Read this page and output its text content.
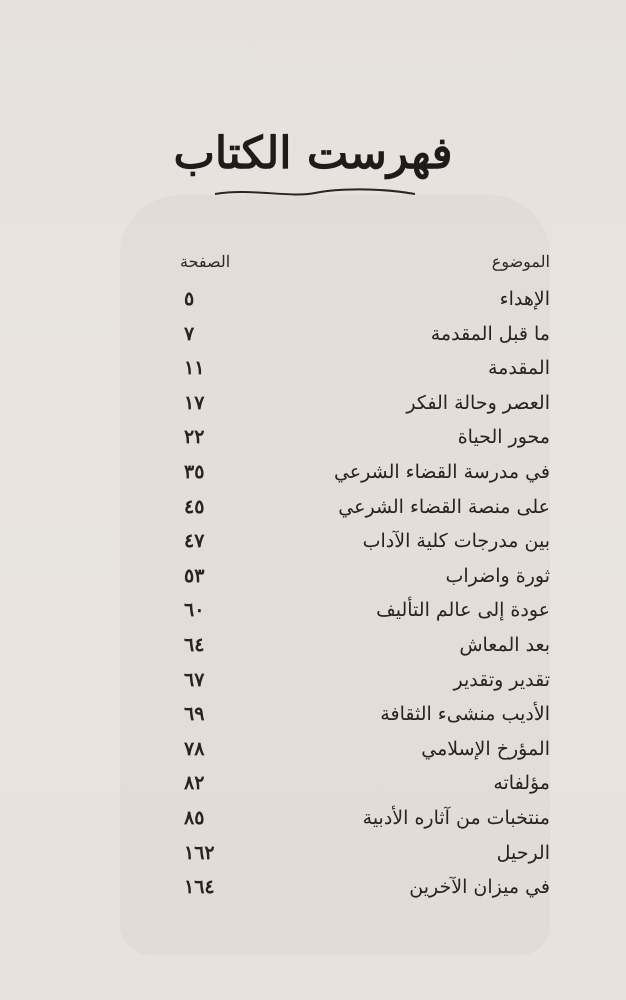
فهرست الكتاب
الموضوع
الصفحة
الإهداء
٥
ما قبل المقدمة
٧
المقدمة
١١
العصر وحالة الفكر
١٧
محور الحياة
٢٢
في مدرسة القضاء الشرعي
٣٥
على منصة القضاء الشرعي
٤٥
بين مدرجات كلية الآداب
٤٧
ثورة واضراب
٥٣
عودة إلى عالم التأليف
٦٠
بعد المعاش
٦٤
تقدير وتقدير
٦٧
الأديب منشىء الثقافة
٦٩
المؤرخ الإسلامي
٧٨
مؤلفاته
٨٢
منتخبات من آثاره الأدبية
٨٥
الرحيل
١٦٢
في ميزان الآخرين
١٦٤
